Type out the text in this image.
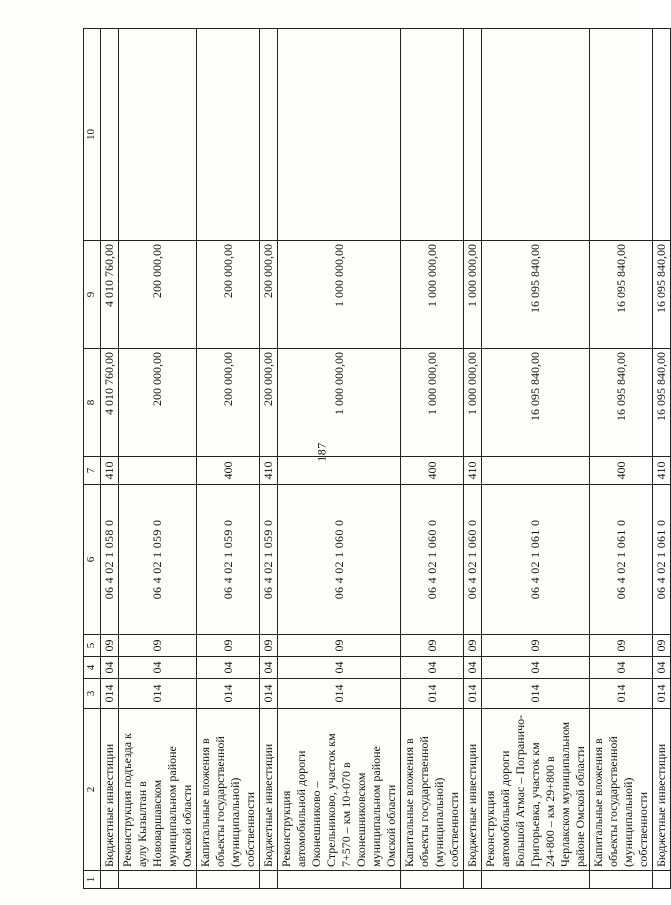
187
1	2	3	4	5	6	7	8	9	10
	Бюджетные инвестиции	014	04	09	06 4 02 1 058 0	410	4 010 760,00	4 010 760,00	
	Реконструкция подъезда к аулу Кызылтан в Нововаршавском муниципальном районе Омской области	014	04	09	06 4 02 1 059 0		200 000,00	200 000,00	
	Капитальные вложения в объекты государственной (муниципальной) собственности	014	04	09	06 4 02 1 059 0	400	200 000,00	200 000,00	
	Бюджетные инвестиции	014	04	09	06 4 02 1 059 0	410	200 000,00	200 000,00	
	Реконструкция автомобильной дороги Оконешниково – Стрельниково, участок км 7+570 – км 10+070 в Оконешниковском муниципальном районе Омской области	014	04	09	06 4 02 1 060 0		1 000 000,00	1 000 000,00	
	Капитальные вложения в объекты государственной (муниципальной) собственности	014	04	09	06 4 02 1 060 0	400	1 000 000,00	1 000 000,00	
	Бюджетные инвестиции	014	04	09	06 4 02 1 060 0	410	1 000 000,00	1 000 000,00	
	Реконструкция автомобильной дороги Большой Атмас – Пограничо-Григорьевка, участок км 24+800 – км 29+800 в Черлакском муниципальном районе Омской области	014	04	09	06 4 02 1 061 0		16 095 840,00	16 095 840,00	
	Капитальные вложения в объекты государственной (муниципальной) собственности	014	04	09	06 4 02 1 061 0	400	16 095 840,00	16 095 840,00	
	Бюджетные инвестиции	014	04	09	06 4 02 1 061 0	410	16 095 840,00	16 095 840,00	
